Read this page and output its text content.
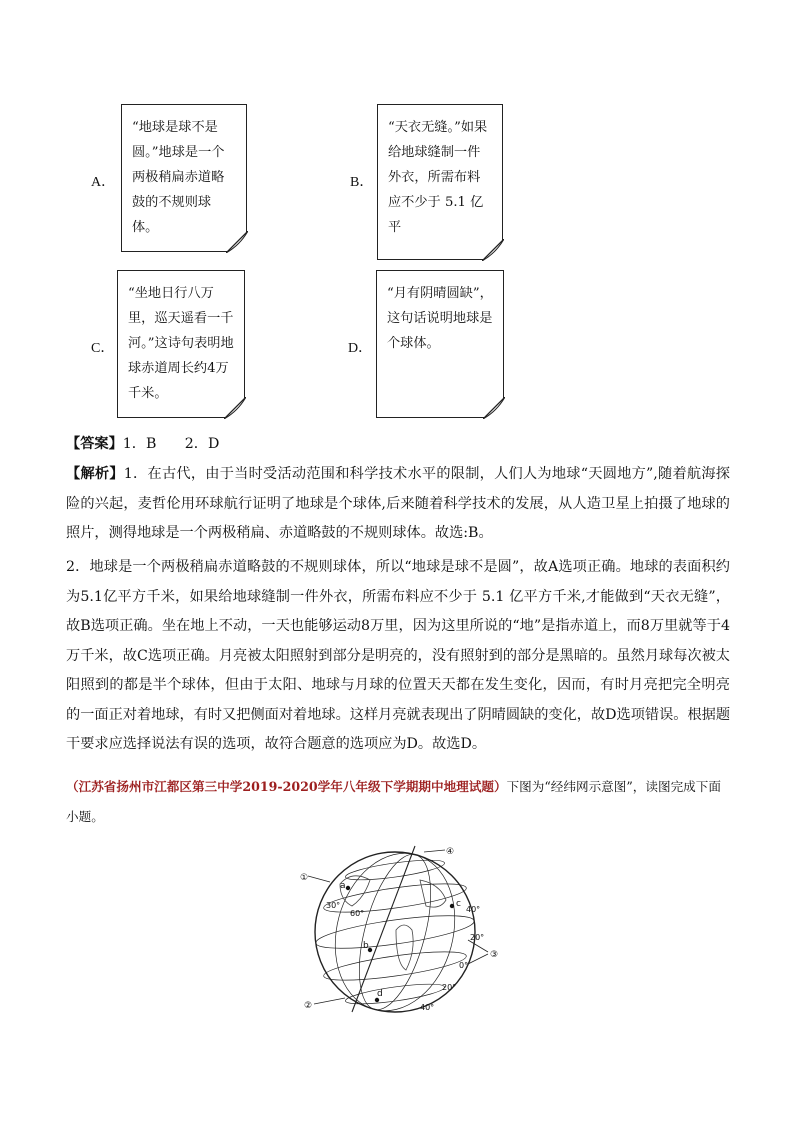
A．
“地球是球不是圆。”地球是一个两极稍扁赤道略鼓的不规则球体。
B．
“天衣无缝。”如果给地球缝制一件外衣，所需布料应不少于 5.1 亿平
C．
“坐地日行八万里，巡天遥看一千河。”这诗句表明地球赤道周长约4万千米。
D．
“月有阴晴圆缺”，这句话说明地球是个球体。
【答案】1．B　　2．D
【解析】1．在古代，由于当时受活动范围和科学技术水平的限制，人们人为地球“天圆地方”,随着航海探险的兴起，麦哲伦用环球航行证明了地球是个球体,后来随着科学技术的发展，从人造卫星上拍摄了地球的照片，测得地球是一个两极稍扁、赤道略鼓的不规则球体。故选:B。
2．地球是一个两极稍扁赤道略鼓的不规则球体，所以“地球是球不是圆”，故A选项正确。地球的表面积约为5.1亿平方千米，如果给地球缝制一件外衣，所需布料应不少于 5.1 亿平方千米,才能做到“天衣无缝”，故B选项正确。坐在地上不动，一天也能够运动8万里，因为这里所说的“地”是指赤道上，而8万里就等于4万千米，故C选项正确。月亮被太阳照射到部分是明亮的，没有照射到的部分是黑暗的。虽然月球每次被太阳照到的都是半个球体，但由于太阳、地球与月球的位置天天都在发生变化，因而，有时月亮把完全明亮的一面正对着地球，有时又把侧面对着地球。这样月亮就表现出了阴晴圆缺的变化，故D选项错误。根据题干要求应选择说法有误的选项，故符合题意的选项应为D。故选D。
（江苏省扬州市江都区第三中学2019-2020学年八年级下学期期中地理试题）下图为“经纬网示意图”，读图完成下面小题。
①
②
③
④
a
b
c
d
30°
60°	40°
20°
0°
20°
40°
